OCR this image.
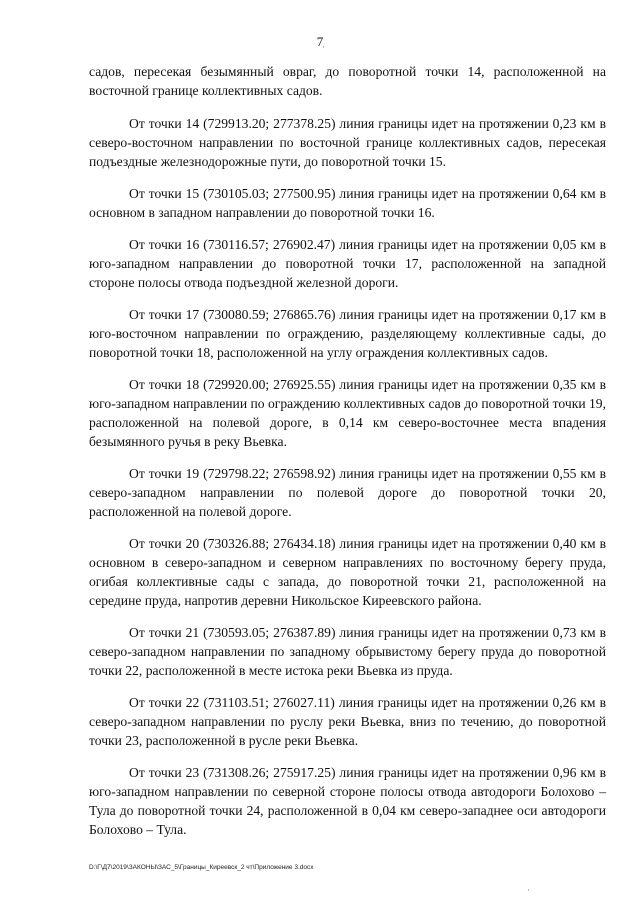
7
·

садов, пересекая безымянный овраг, до поворотной точки 14, расположенной на восточной границе коллективных садов.

От точки 14 (729913.20; 277378.25) линия границы идет на протяжении 0,23 км в северо-восточном направлении по восточной границе коллективных садов, пересекая подъездные железнодорожные пути, до поворотной точки 15.

От точки 15 (730105.03; 277500.95) линия границы идет на протяжении 0,64 км в основном в западном направлении до поворотной точки 16.

От точки 16 (730116.57; 276902.47) линия границы идет на протяжении 0,05 км в юго-западном направлении до поворотной точки 17, расположенной на западной стороне полосы отвода подъездной железной дороги.

От точки 17 (730080.59; 276865.76) линия границы идет на протяжении 0,17 км в юго-восточном направлении по ограждению, разделяющему коллективные сады, до поворотной точки 18, расположенной на углу ограждения коллективных садов.

От точки 18 (729920.00; 276925.55) линия границы идет на протяжении 0,35 км в юго-западном направлении по ограждению коллективных садов до поворотной точки 19, расположенной на полевой дороге, в 0,14 км северо-восточнее места впадения безымянного ручья в реку Вьевка.

От точки 19 (729798.22; 276598.92) линия границы идет на протяжении 0,55 км в северо-западном направлении по полевой дороге до поворотной точки 20, расположенной на полевой дороге.

От точки 20 (730326.88; 276434.18) линия границы идет на протяжении 0,40 км в основном в северо-западном и северном направлениях по восточному берегу пруда, огибая коллективные сады с запада, до поворотной точки 21, расположенной на середине пруда, напротив деревни Никольское Киреевского района.

От точки 21 (730593.05; 276387.89) линия границы идет на протяжении 0,73 км в северо-западном направлении по западному обрывистому берегу пруда до поворотной точки 22, расположенной в месте истока реки Вьевка из пруда.

От точки 22 (731103.51; 276027.11) линия границы идет на протяжении 0,26 км в северо-западном направлении по руслу реки Вьевка, вниз по течению, до поворотной точки 23, расположенной в русле реки Вьевка.

От точки 23 (731308.26; 275917.25) линия границы идет на протяжении 0,96 км в юго-западном направлении по северной стороне полосы отвода автодороги Болохово – Тула до поворотной точки 24, расположенной в 0,04 км северо-западнее оси автодороги Болохово – Тула.

D:\Г\Д7\2019\ЗАКОНЫ\ЗАС_5\Границы_Киреевск_2 чт\Приложение 3.docx
·
